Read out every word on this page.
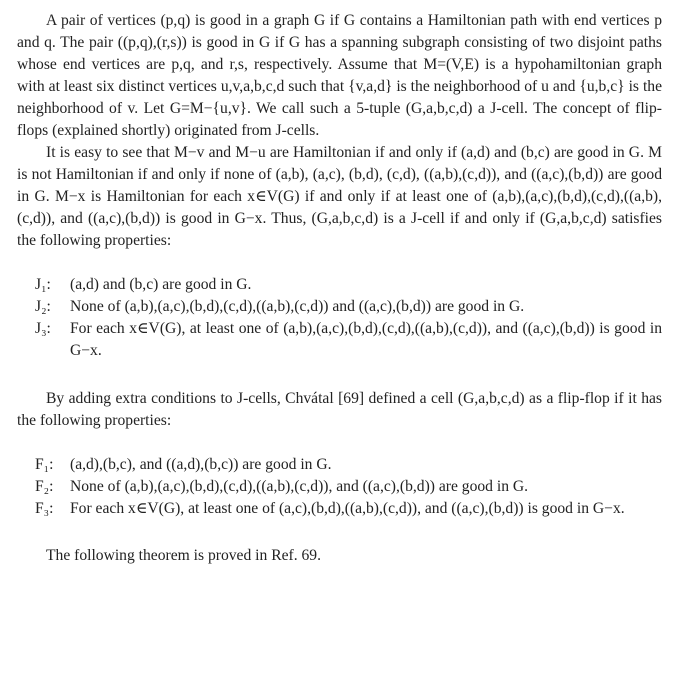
A pair of vertices (p,q) is good in a graph G if G contains a Hamiltonian path with end vertices p and q. The pair ((p,q),(r,s)) is good in G if G has a spanning subgraph consisting of two disjoint paths whose end vertices are p,q, and r,s, respectively. Assume that M=(V,E) is a hypohamiltonian graph with at least six distinct vertices u,v,a,b,c,d such that {v,a,d} is the neighborhood of u and {u,b,c} is the neighborhood of v. Let G=M−{u,v}. We call such a 5-tuple (G,a,b,c,d) a J-cell. The concept of flip-flops (explained shortly) originated from J-cells.

It is easy to see that M−v and M−u are Hamiltonian if and only if (a,d) and (b,c) are good in G. M is not Hamiltonian if and only if none of (a,b), (a,c), (b,d), (c,d), ((a,b),(c,d)), and ((a,c),(b,d)) are good in G. M−x is Hamiltonian for each x∈V(G) if and only if at least one of (a,b),(a,c),(b,d),(c,d),((a,b),(c,d)), and ((a,c),(b,d)) is good in G−x. Thus, (G,a,b,c,d) is a J-cell if and only if (G,a,b,c,d) satisfies the following properties:

J₁: (a,d) and (b,c) are good in G.
J₂: None of (a,b),(a,c),(b,d),(c,d),((a,b),(c,d)) and ((a,c),(b,d)) are good in G.
J₃: For each x∈V(G), at least one of (a,b),(a,c),(b,d),(c,d),((a,b),(c,d)), and ((a,c),(b,d)) is good in G−x.

By adding extra conditions to J-cells, Chvátal [69] defined a cell (G,a,b,c,d) as a flip-flop if it has the following properties:

F₁: (a,d),(b,c), and ((a,d),(b,c)) are good in G.
F₂: None of (a,b),(a,c),(b,d),(c,d),((a,b),(c,d)), and ((a,c),(b,d)) are good in G.
F₃: For each x∈V(G), at least one of (a,c),(b,d),((a,b),(c,d)), and ((a,c),(b,d)) is good in G−x.

The following theorem is proved in Ref. 69.
